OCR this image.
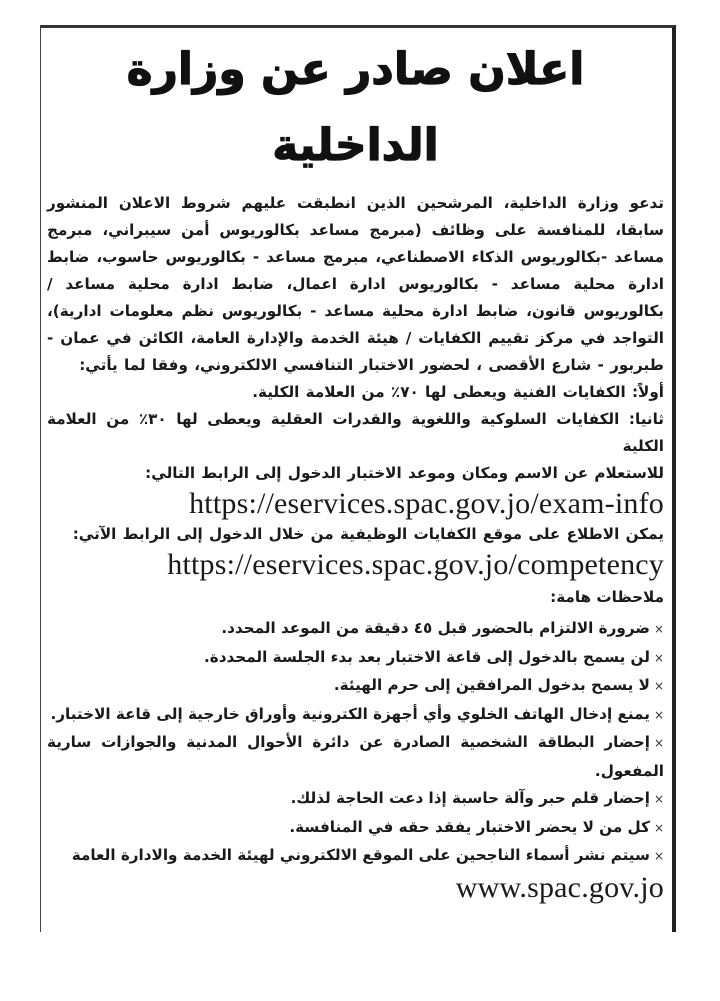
اعلان صادر عن وزارة الداخلية

تدعو وزارة الداخلية، المرشحين الذين انطبقت عليهم شروط الاعلان المنشور سابقا، للمنافسة على وظائف (مبرمج مساعد بكالوريوس أمن سيبراني، مبرمج مساعد -بكالوريوس الذكاء الاصطناعي، مبرمج مساعد - بكالوريوس حاسوب، ضابط ادارة محلية مساعد - بكالوريوس ادارة اعمال، ضابط ادارة محلية مساعد / بكالوريوس قانون، ضابط ادارة محلية مساعد - بكالوريوس نظم معلومات ادارية)، التواجد في مركز تقييم الكفايات / هيئة الخدمة والإدارة العامة، الكائن في عمان - طبربور - شارع الأقصى ، لحضور الاختبار التنافسي الالكتروني، وفقا لما يأتي:

أولاً: الكفايات الفنية ويعطى لها ٧٠٪ من العلامة الكلية.

ثانيا: الكفايات السلوكية واللغوية والقدرات العقلية ويعطى لها ٣٠٪ من العلامة الكلية

للاستعلام عن الاسم ومكان وموعد الاختبار الدخول إلى الرابط التالي:

https://eservices.spac.gov.jo/exam-info

يمكن الاطلاع على موقع الكفايات الوظيفية من خلال الدخول إلى الرابط الآتي:

https://eservices.spac.gov.jo/competency

ملاحظات هامة:

×ضرورة الالتزام بالحضور قبل ٤٥ دقيقة من الموعد المحدد.

×لن يسمح بالدخول إلى قاعة الاختبار بعد بدء الجلسة المحددة.

×لا يسمح بدخول المرافقين إلى حرم الهيئة.

×يمنع إدخال الهاتف الخلوي وأي أجهزة الكترونية وأوراق خارجية إلى قاعة الاختبار.

×إحضار البطاقة الشخصية الصادرة عن دائرة الأحوال المدنية والجوازات سارية المفعول.

×إحضار قلم حبر وآلة حاسبة إذا دعت الحاجة لذلك.

×كل من لا يحضر الاختبار يفقد حقه في المنافسة.

×سيتم نشر أسماء الناجحين على الموقع الالكتروني لهيئة الخدمة والادارة العامة

www.spac.gov.jo
